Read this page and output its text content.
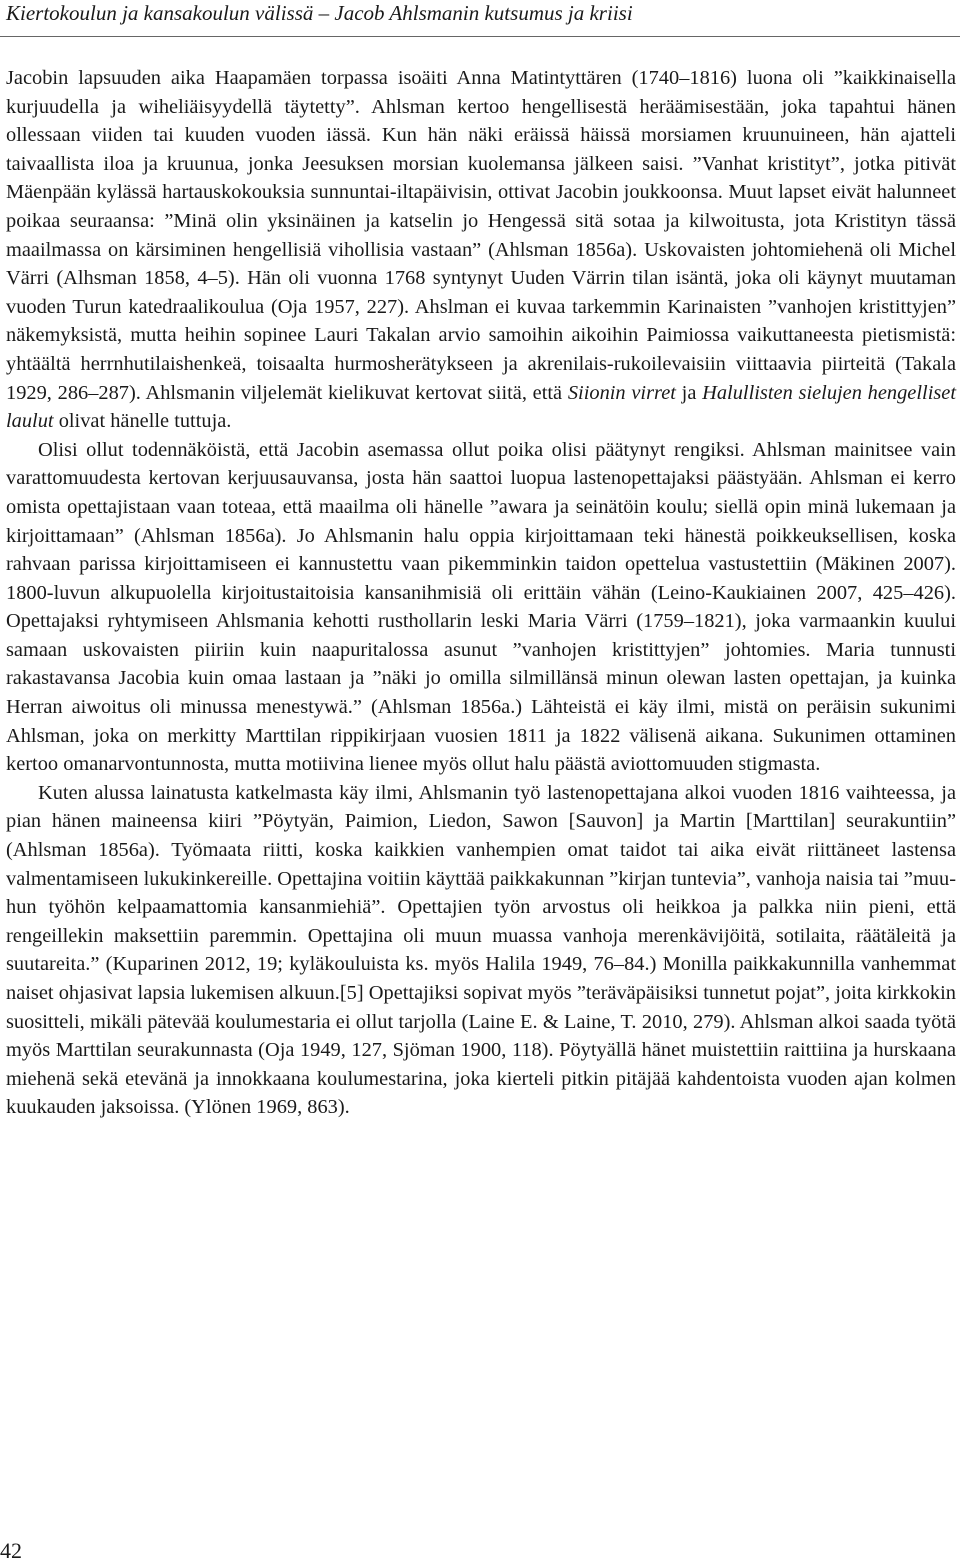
Kiertokoulun ja kansakoulun välissä – Jacob Ahlsmanin kutsumus ja kriisi

Jacobin lapsuuden aika Haapamäen torpassa isoäiti Anna Matintyttären (1740–1816) luona oli ”kaikkinaisella kurjuudella ja wiheliäisyydellä täytetty”. Ahlsman kertoo hengellisestä heräämisestään, joka tapahtui hänen ollessaan viiden tai kuuden vuoden iässä. Kun hän näki eräissä häissä morsiamen kruunuineen, hän ajatteli taivaallista iloa ja kruunua, jonka Jeesuksen morsian kuolemansa jälkeen saisi. ”Vanhat kristityt”, jotka pitivät Mäenpään kylässä hartauskokouksia sunnuntai-iltapäivisin, ottivat Jacobin joukkoonsa. Muut lapset eivät halunneet poikaa seuraansa: ”Minä olin yksinäinen ja katselin jo Hengessä sitä sotaa ja kilwoitusta, jota Kristityn tässä maailmassa on kärsiminen hengellisiä vihollisia vastaan” (Ahlsman 1856a). Uskovaisten johtomiehenä oli Michel Värri (Alhsman 1858, 4–5). Hän oli vuonna 1768 syntynyt Uuden Värrin tilan isäntä, joka oli käynyt muutaman vuoden Turun katedraalikoulua (Oja 1957, 227). Ahslman ei kuvaa tarkemmin Karinaisten ”vanhojen kristittyjen” näkemyksistä, mutta heihin sopinee Lauri Takalan arvio samoihin aikoihin Paimiossa vaikuttaneesta pietismistä: yhtäältä herrnhutilaishenkeä, toisaalta hurmosherätykseen ja akrenilais-rukoilevaisiin viittaavia piirteitä (Takala 1929, 286–287). Ahlsmanin viljelemät kielikuvat kertovat siitä, että Siionin virret ja Halullisten sielujen hengelliset laulut olivat hänelle tuttuja.

Olisi ollut todennäköistä, että Jacobin asemassa ollut poika olisi päätynyt rengiksi. Ahlsman mainitsee vain varattomuudesta kertovan kerjuusauvansa, josta hän saattoi luopua lastenopettajaksi päästyään. Ahlsman ei kerro omista opettajistaan vaan toteaa, että maailma oli hänelle ”awara ja seinätöin koulu; siellä opin minä lukemaan ja kirjoittamaan” (Ahlsman 1856a). Jo Ahlsmanin halu oppia kirjoittamaan teki hänestä poikkeuksellisen, koska rahvaan parissa kirjoittamiseen ei kannustettu vaan pikemminkin taidon opettelua vastustettiin (Mäkinen 2007). 1800-luvun alkupuolella kirjoitustaitoisia kansanihmisiä oli erittäin vähän (Leino-Kaukiainen 2007, 425–426). Opettajaksi ryhtymiseen Ahlsmania kehotti rusthollarin leski Maria Värri (1759–1821), joka varmaankin kuului samaan uskovaisten piiriin kuin naapuritalossa asunut ”vanhojen kristittyjen” johtomies. Maria tunnusti rakastavansa Jacobia kuin omaa lastaan ja ”näki jo omilla silmillänsä minun olewan lasten opettajan, ja kuinka Herran aiwoitus oli minussa menestywä.” (Ahlsman 1856a.) Lähteistä ei käy ilmi, mistä on peräisin sukunimi Ahlsman, joka on merkitty Marttilan rippikirjaan vuosien 1811 ja 1822 välisenä aikana. Sukunimen ottaminen kertoo omanarvontunnosta, mutta motiivina lienee myös ollut halu päästä aviottomuuden stigmasta.

Kuten alussa lainatusta katkelmasta käy ilmi, Ahlsmanin työ lastenopettajana alkoi vuoden 1816 vaihteessa, ja pian hänen maineensa kiiri ”Pöytyän, Paimion, Liedon, Sawon [Sauvon] ja Martin [Marttilan] seurakuntiin” (Ahlsman 1856a). Työmaata riitti, koska kaikkien vanhempien omat taidot tai aika eivät riittäneet lastensa valmentamiseen lukukinkereille. Opettajina voitiin käyttää paikkakunnan ”kirjan tuntevia”, vanhoja naisia tai ”muuhun työhön kelpaamattomia kansanmiehiä”. Opettajien työn arvostus oli heikkoa ja palkka niin pieni, että rengeillekin maksettiin paremmin. Opettajina oli muun muassa vanhoja merenkävijöitä, sotilaita, räätäleitä ja suutareita.” (Kuparinen 2012, 19; kyläkouluista ks. myös Halila 1949, 76–84.) Monilla paikkakunnilla vanhemmat naiset ohjasivat lapsia lukemisen alkuun.[5] Opettajiksi sopivat myös ”teräväpäisiksi tunnetut pojat”, joita kirkkokin suositteli, mikäli pätevää koulumestaria ei ollut tarjolla (Laine E. & Laine, T. 2010, 279). Ahlsman alkoi saada työtä myös Marttilan seurakunnasta (Oja 1949, 127, Sjöman 1900, 118). Pöytyällä hänet muistettiin raittiina ja hurskaana miehenä sekä etevänä ja innokkaana koulumestarina, joka kierteli pitkin pitäjää kahdentoista vuoden ajan kolmen kuukauden jaksoissa. (Ylönen 1969, 863).

42
